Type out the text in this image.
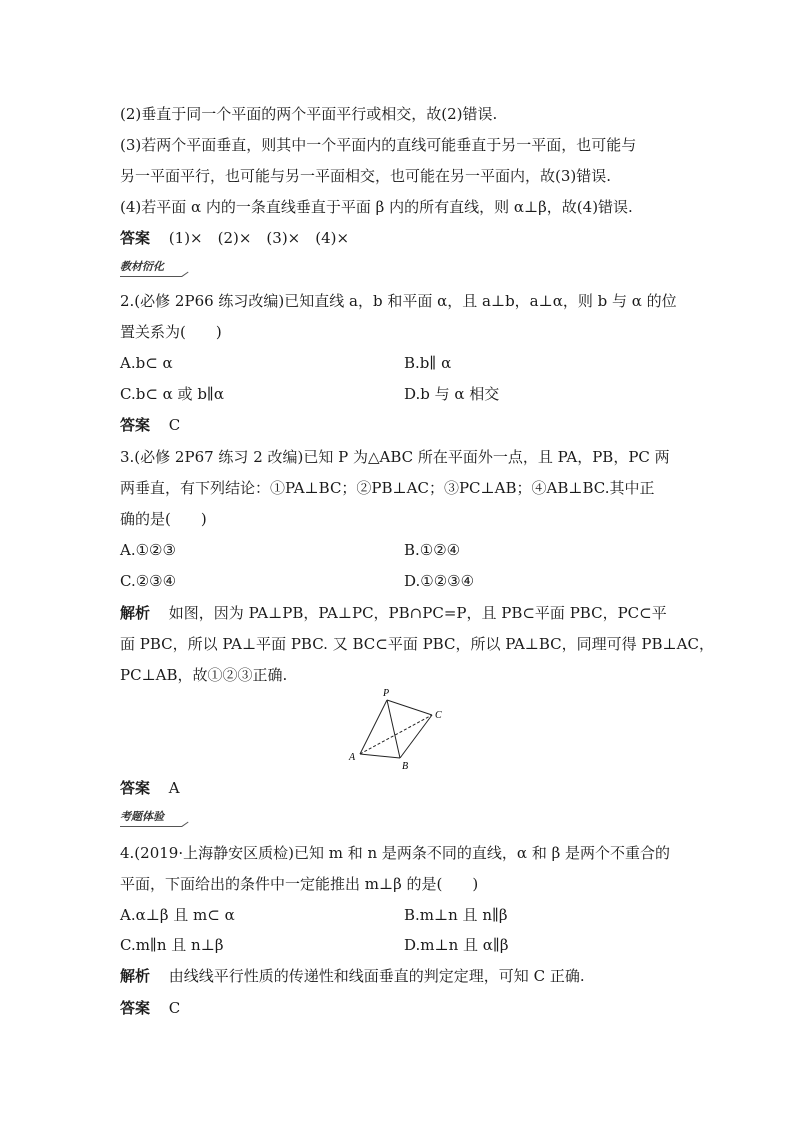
(2)垂直于同一个平面的两个平面平行或相交，故(2)错误.
(3)若两个平面垂直，则其中一个平面内的直线可能垂直于另一平面，也可能与
另一平面平行，也可能与另一平面相交，也可能在另一平面内，故(3)错误.
(4)若平面 α 内的一条直线垂直于平面 β 内的所有直线，则 α⊥β，故(4)错误.
答案 (1)×　(2)×　(3)×　(4)×
教材衍化
2.(必修 2P66 练习改编)已知直线 a，b 和平面 α，且 a⊥b，a⊥α，则 b 与 α 的位
置关系为(　　)
A.b⊂ α	B.b∥ α
C.b⊂ α 或 b∥α	D.b 与 α 相交
答案 C
3.(必修 2P67 练习 2 改编)已知 P 为△ABC 所在平面外一点，且 PA，PB，PC 两
两垂直，有下列结论：①PA⊥BC；②PB⊥AC；③PC⊥AB；④AB⊥BC.其中正
确的是(　　)
A.①②③	B.①②④
C.②③④	D.①②③④
解析 如图，因为 PA⊥PB，PA⊥PC，PB∩PC=P，且 PB⊂平面 PBC，PC⊂平
面 PBC，所以 PA⊥平面 PBC. 又 BC⊂平面 PBC，所以 PA⊥BC，同理可得 PB⊥AC，
PC⊥AB，故①②③正确.
P
A
B
C
答案 A
考题体验
4.(2019·上海静安区质检)已知 m 和 n 是两条不同的直线，α 和 β 是两个不重合的
平面，下面给出的条件中一定能推出 m⊥β 的是(　　)
A.α⊥β 且 m⊂ α	B.m⊥n 且 n∥β
C.m∥n 且 n⊥β	D.m⊥n 且 α∥β
解析 由线线平行性质的传递性和线面垂直的判定定理，可知 C 正确.
答案 C
